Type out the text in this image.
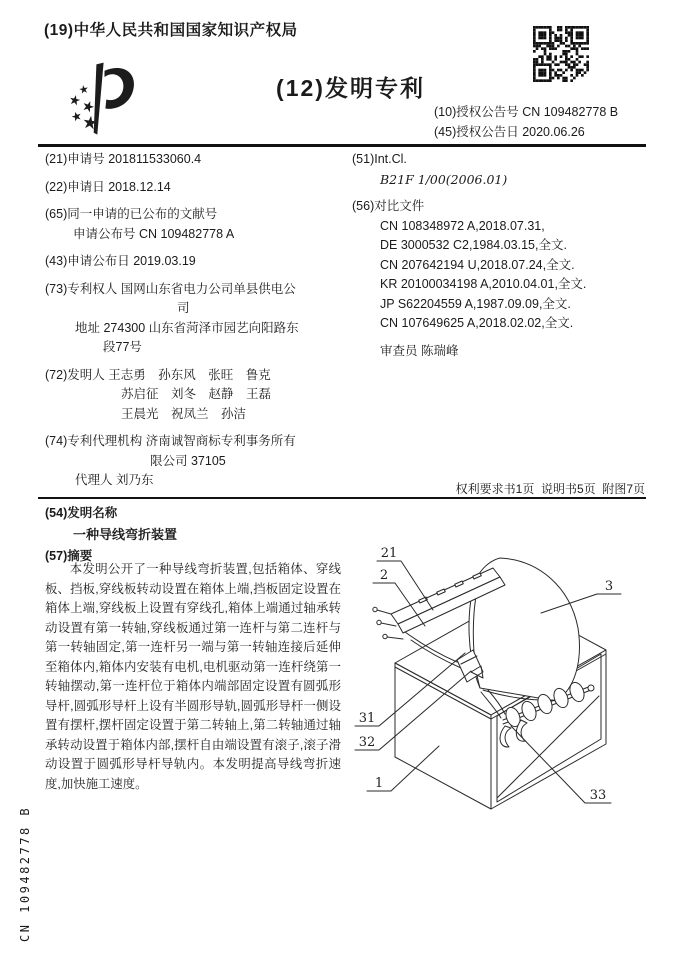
(19)中华人民共和国国家知识产权局
(12)发明专利
(10)授权公告号 CN 109482778 B
(45)授权公告日 2020.06.26
(21)申请号 201811533060.4
(22)申请日 2018.12.14
(65)同一申请的已公布的文献号
申请公布号 CN 109482778 A
(43)申请公布日 2019.03.19
(73)专利权人 国网山东省电力公司单县供电公
司
地址 274300 山东省菏泽市园艺向阳路东
段77号
(72)发明人 王志勇　孙东风　张旺　鲁克
苏启征　刘冬　赵静　王磊
王晨光　祝凤兰　孙洁
(74)专利代理机构 济南诚智商标专利事务所有
限公司 37105
代理人 刘乃东
(51)Int.Cl.
B21F 1/00(2006.01)
(56)对比文件
CN 108348972 A,2018.07.31,
DE 3000532 C2,1984.03.15,全文.
CN 207642194 U,2018.07.24,全文.
KR 20100034198 A,2010.04.01,全文.
JP S62204559 A,1987.09.09,全文.
CN 107649625 A,2018.02.02,全文.
审查员 陈瑞峰
权利要求书1页  说明书5页  附图7页
(54)发明名称
一种导线弯折装置
(57)摘要
本发明公开了一种导线弯折装置,包括箱体、穿线板、挡板,穿线板转动设置在箱体上端,挡板固定设置在箱体上端,穿线板上设置有穿线孔,箱体上端通过轴承转动设置有第一转轴,穿线板通过第一连杆与第二连杆与第一转轴固定,第一连杆另一端与第一转轴连接后延伸至箱体内,箱体内安装有电机,电机驱动第一连杆绕第一转轴摆动,第一连杆位于箱体内端部固定设置有圆弧形导杆,圆弧形导杆上设有半圆形导轨,圆弧形导杆一侧设置有摆杆,摆杆固定设置于第二转轴上,第二转轴通过轴承转动设置于箱体内部,摆杆自由端设置有滚子,滚子滑动设置于圆弧形导杆导轨内。本发明提高导线弯折速度,加快施工速度。
21
2
3
31
32
1
33
CN 109482778 B
